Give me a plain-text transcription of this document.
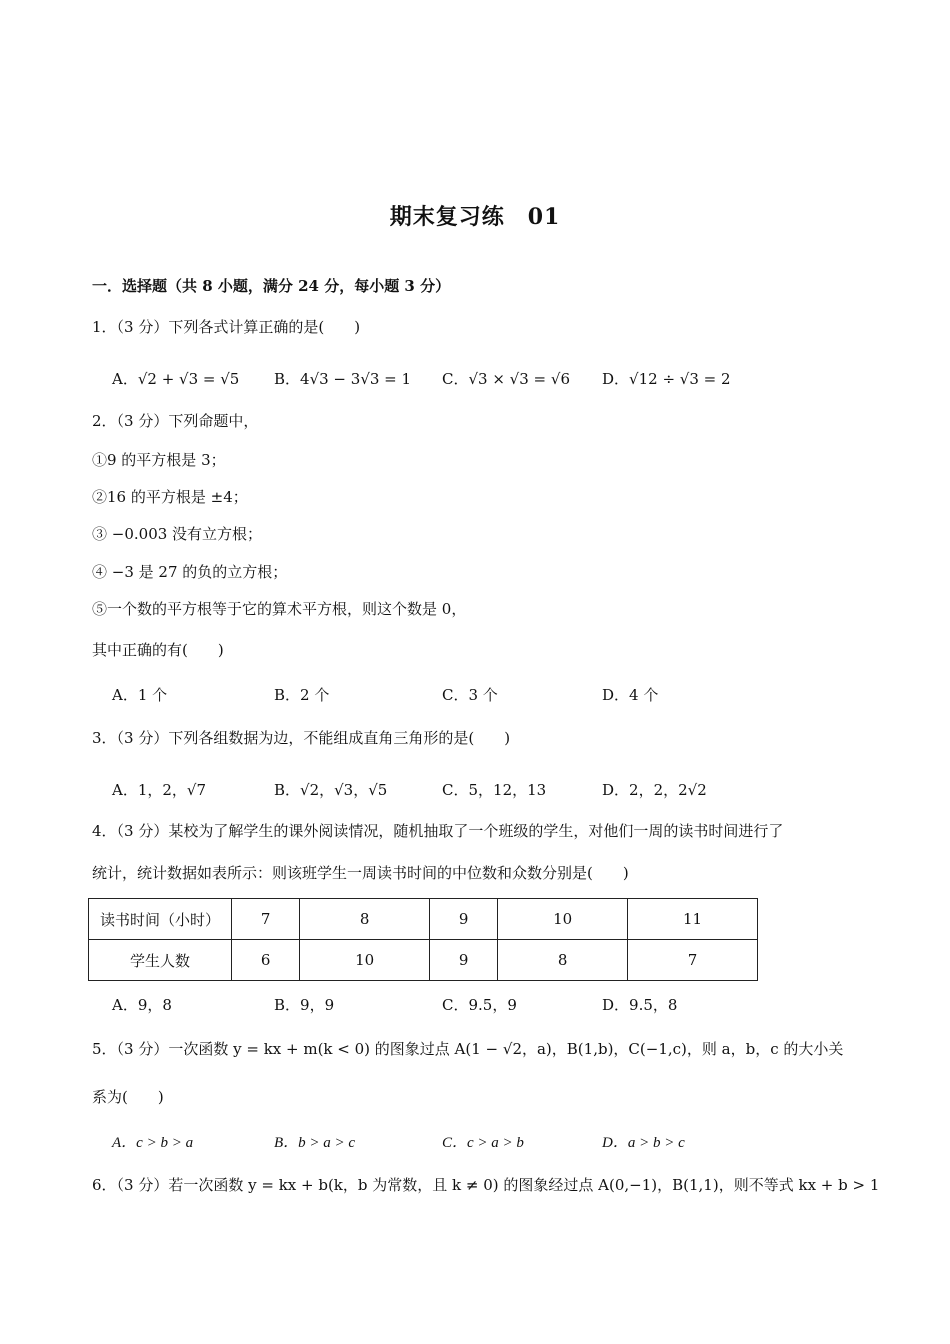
期末复习练　01
一．选择题（共 8 小题，满分 24 分，每小题 3 分）
1．（3 分）下列各式计算正确的是(　　)
A．√2 + √3 = √5 B．4√3 − 3√3 = 1 C．√3 × √3 = √6 D．√12 ÷ √3 = 2
2．（3 分）下列命题中，
①9 的平方根是 3；
②16 的平方根是 ±4；
③ −0.003 没有立方根；
④ −3 是 27 的负的立方根；
⑤一个数的平方根等于它的算术平方根，则这个数是 0，
其中正确的有(　　)
A．1 个	B．2 个	C．3 个	D．4 个
3．（3 分）下列各组数据为边，不能组成直角三角形的是(　　)
A．1，2，√7	B．√2，√3，√5	C．5，12，13	D．2，2，2√2
4．（3 分）某校为了解学生的课外阅读情况，随机抽取了一个班级的学生，对他们一周的读书时间进行了
统计，统计数据如表所示：则该班学生一周读书时间的中位数和众数分别是(　　)
读书时间（小时）	7	8	9	10	11
学生人数	6	10	9	8	7
A．9，8	B．9，9	C．9.5，9	D．9.5，8
5．（3 分）一次函数 y = kx + m(k < 0) 的图象过点 A(1 − √2，a)，B(1,b)，C(−1,c)，则 a，b，c 的大小关
系为(　　)
A．c > b > a	B．b > a > c	C．c > a > b	D．a > b > c
6．（3 分）若一次函数 y = kx + b(k，b 为常数，且 k ≠ 0) 的图象经过点 A(0,−1)，B(1,1)，则不等式 kx + b > 1
